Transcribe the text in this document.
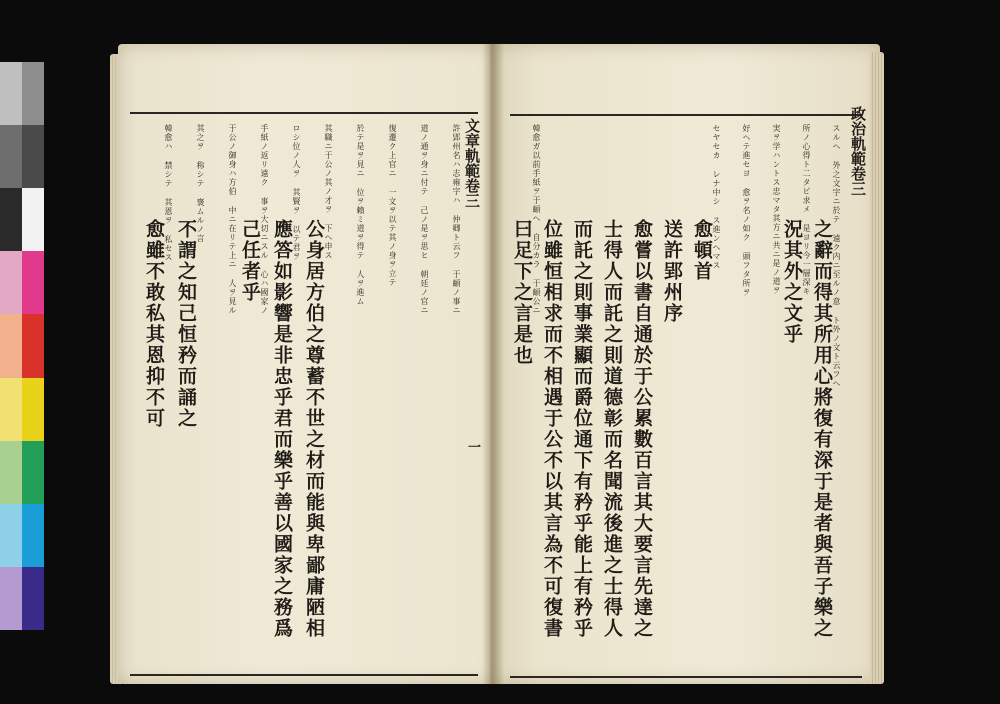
文章軌範卷三	政治軌範卷三
スルヘ 外之文字ニ於テ 遠ク内ニ至ルノ意 ト外ノ文ト云フヘ
之辭而得其所用心將復有深于是者與吾子樂之
所ノ心得ト二タビ求メ 是ヨリ今一層深キ
況其外之文乎
実ヲ学ハントス忠マタ其方ニ共ニ是ノ道ヲ
好ヘテ進セヨ 愈ヲ名ノ如ク 頭フタ所ヲ
セヤセカ レナ中シ ス進ンヘマス
愈頓首
送許郢州序
愈嘗以書自通於于公累數百言其大要言先達之
士得人而託之則道德彰而名聞流後進之士得人
而託之則事業顯而爵位通下有矜乎能上有矜乎
位雖恒相求而不相遇于公不以其言為不可復書
韓愈ガ以前手紙ヲ于頔ヘ 自分カラ 于頔公ニ
曰足下之言是也
許郢州名ハ志雍字ハ 仲卿ト云フ 于頔ノ事ニ
道ノ通ヲ身ニ付テ 己ノ是ヲ思ヒ 朝廷ノ官ニ
復遷ク上官ニ 一文ヲ以テ其ノ身ヲ立テ
於テ是ヲ見ニ 位ヲ賴ミ道ヲ得テ 人ヲ進ム
其職ニ于公ノ其ノ才ヲ 下ヘ申ス
公身居方伯之尊蓄不世之材而能與卑鄙庸陋相
ロシ位ノ人ヲ 其賢ヲ 以テ君ヲ
應答如影響是非忠乎君而樂乎善以國家之務爲
手紙ノ返リ遠ク 事ヲ大切ニスル 心ハ國家ノ
己任者乎
于公ノ御身ハ方伯 中ニ在リテ上ニ 人ヲ見ル
其之ヲ 称シテ 褒ムルノ言
不謂之知己恒矜而誦之
韓愈ハ 禁シテ 其恩ヲ 私セス
愈雖不敢私其恩抑不可
一
